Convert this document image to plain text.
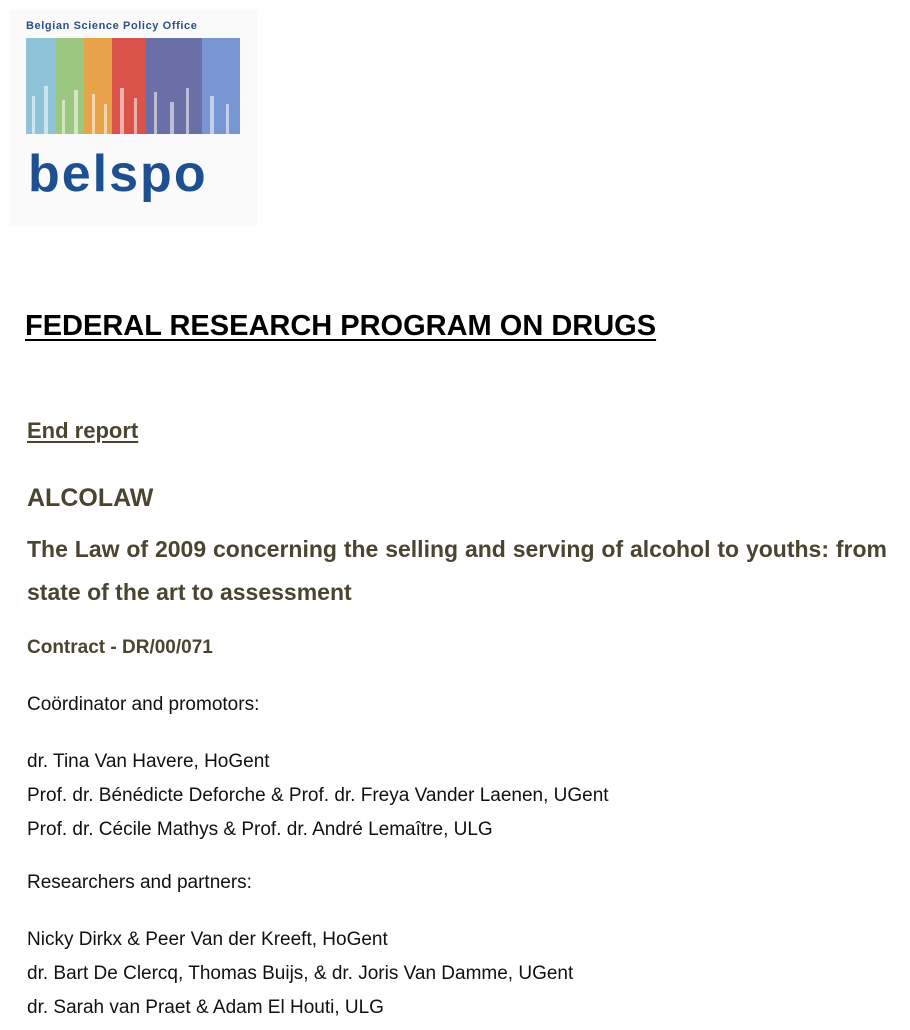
Belgian Science Policy Office
belspo
FEDERAL RESEARCH PROGRAM ON DRUGS
End report
ALCOLAW
The Law of 2009 concerning the selling and serving of alcohol to youths: from state of the art to assessment
Contract - DR/00/071
Coördinator and promotors:
dr. Tina Van Havere, HoGent
Prof. dr. Bénédicte Deforche & Prof. dr. Freya Vander Laenen, UGent
Prof. dr. Cécile Mathys & Prof. dr. André Lemaître, ULG
Researchers and partners:
Nicky Dirkx & Peer Van der Kreeft, HoGent
dr. Bart De Clercq, Thomas Buijs, & dr. Joris Van Damme, UGent
dr. Sarah van Praet & Adam El Houti, ULG
